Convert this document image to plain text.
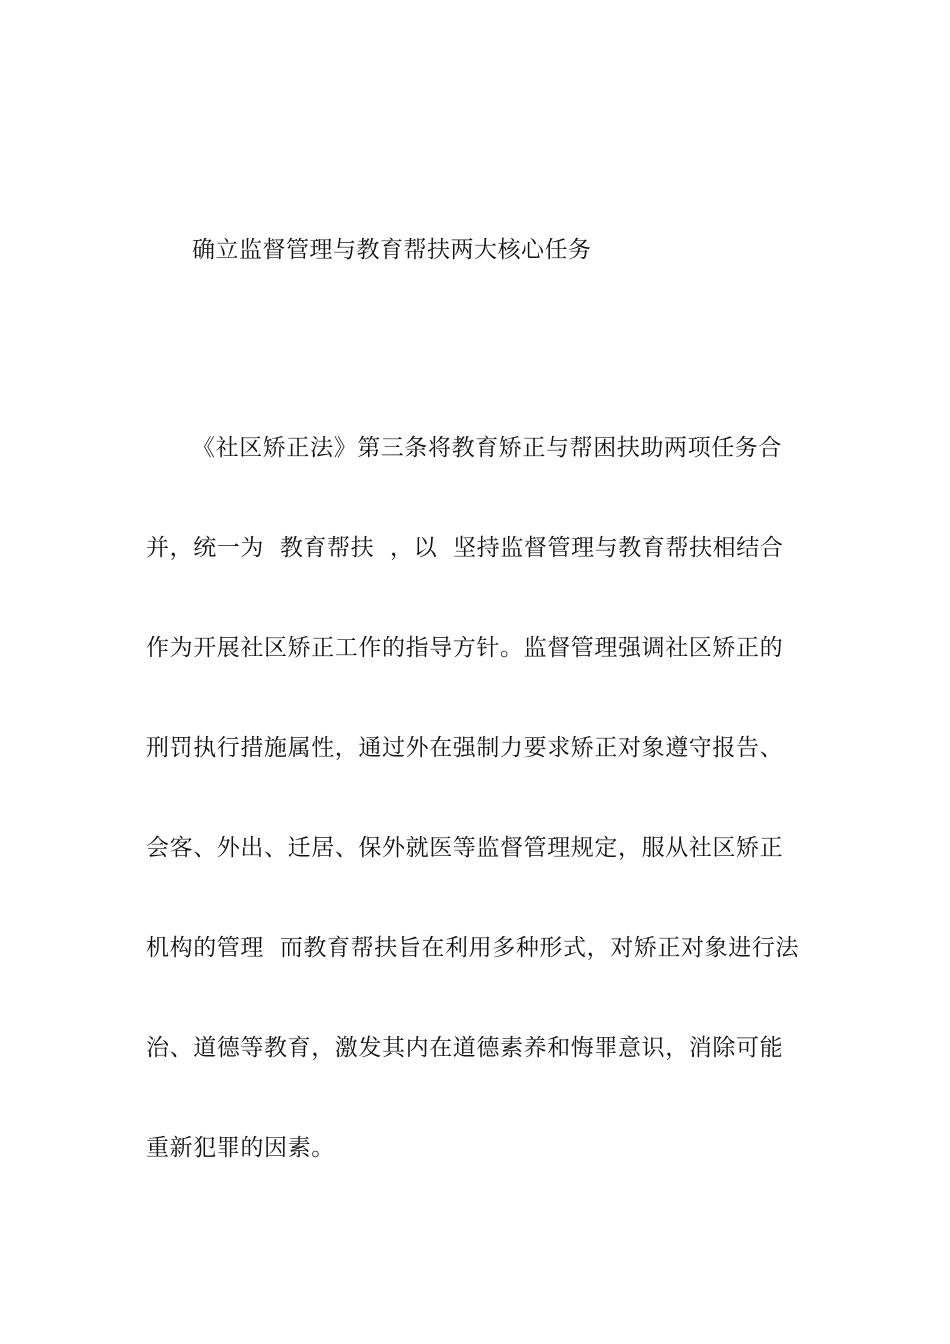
确立监督管理与教育帮扶两大核心任务
《社区矫正法》第三条将教育矫正与帮困扶助两项任务合
并，统一为  教育帮扶  ，以  坚持监督管理与教育帮扶相结合
作为开展社区矫正工作的指导方针。监督管理强调社区矫正的
刑罚执行措施属性，通过外在强制力要求矫正对象遵守报告、
会客、外出、迁居、保外就医等监督管理规定，服从社区矫正
机构的管理  而教育帮扶旨在利用多种形式，对矫正对象进行法
治、道德等教育，激发其内在道德素养和悔罪意识，消除可能
重新犯罪的因素。
